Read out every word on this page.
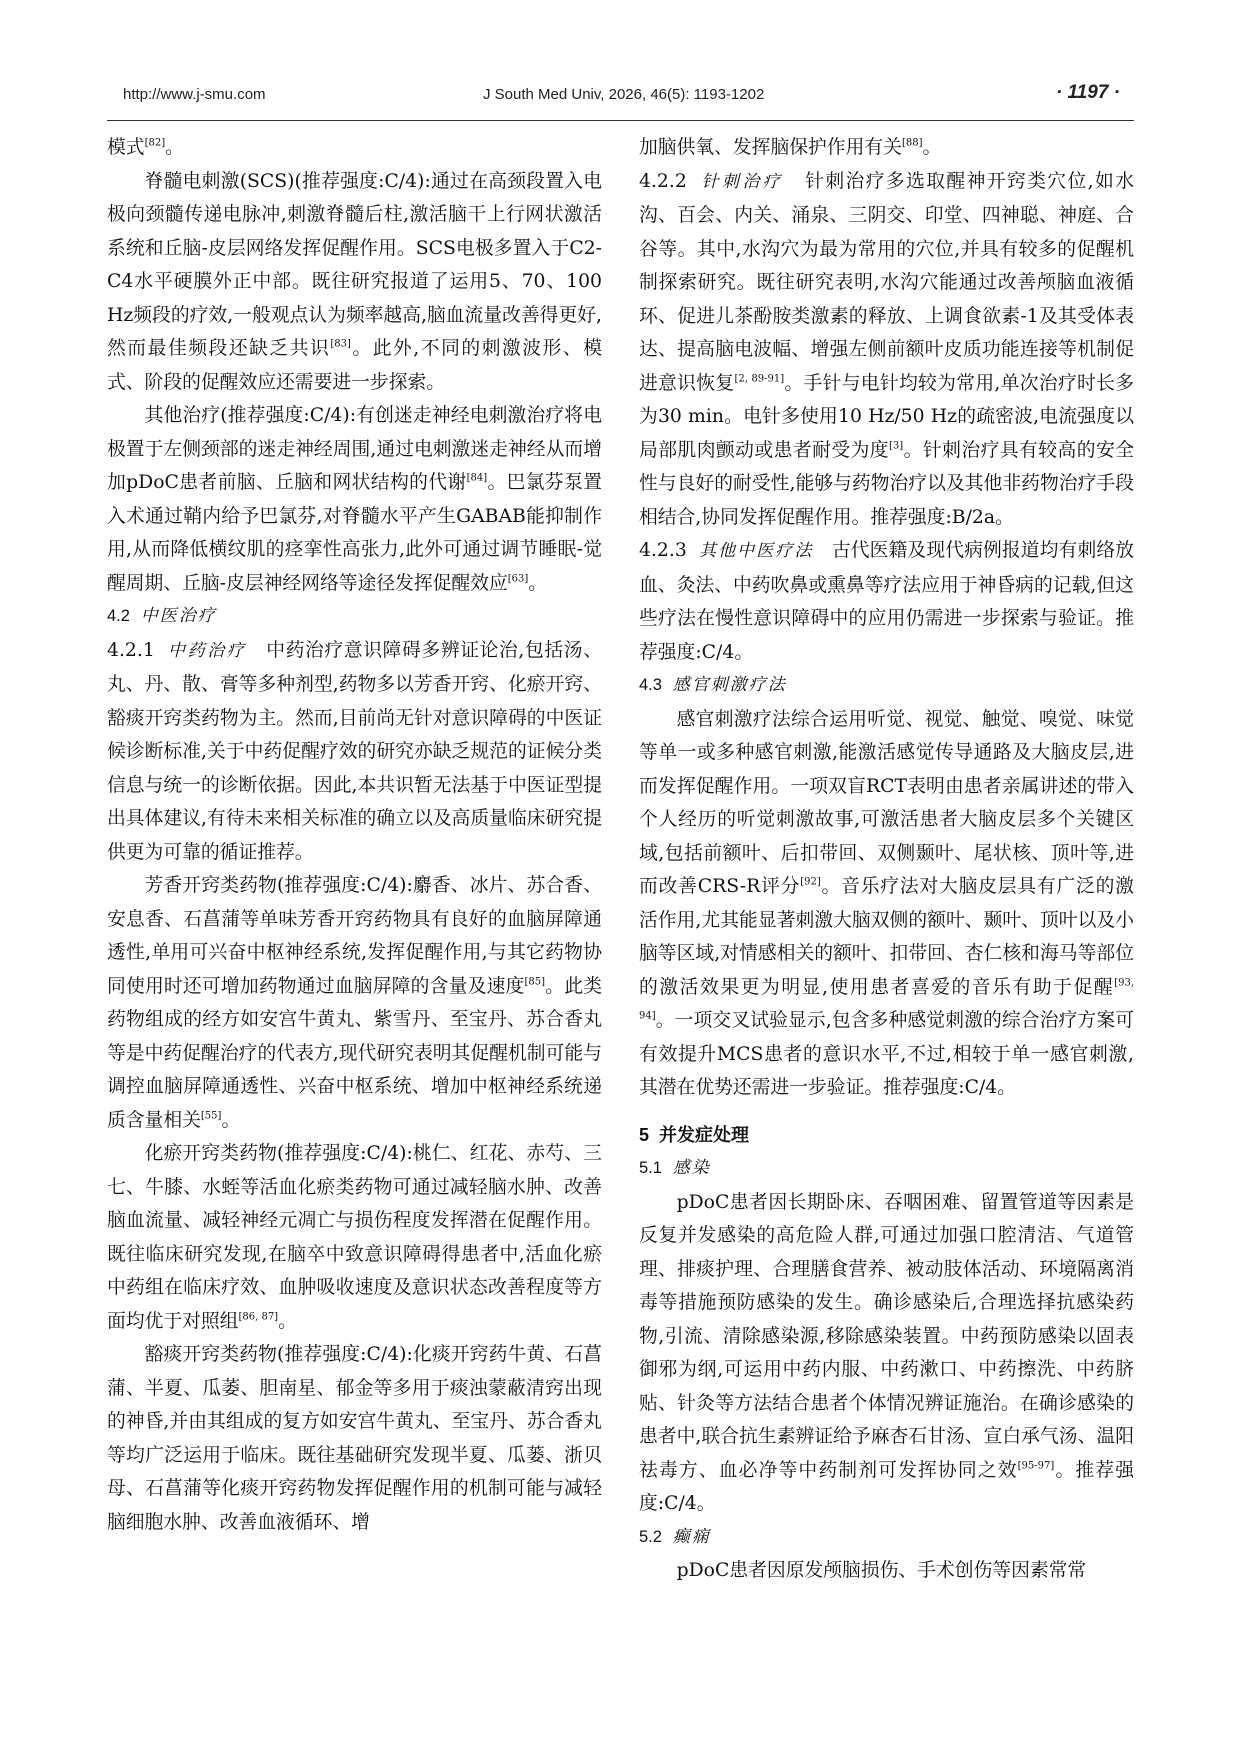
http://www.j-smu.com	J South Med Univ, 2026, 46(5): 1193-1202	· 1197 ·

模式[82]。

脊髓电刺激(SCS)(推荐强度:C/4):通过在高颈段置入电极向颈髓传递电脉冲,刺激脊髓后柱,激活脑干上行网状激活系统和丘脑-皮层网络发挥促醒作用。SCS电极多置入于C2-C4水平硬膜外正中部。既往研究报道了运用5、70、100 Hz频段的疗效,一般观点认为频率越高,脑血流量改善得更好,然而最佳频段还缺乏共识[83]。此外,不同的刺激波形、模式、阶段的促醒效应还需要进一步探索。

其他治疗(推荐强度:C/4):有创迷走神经电刺激治疗将电极置于左侧颈部的迷走神经周围,通过电刺激迷走神经从而增加pDoC患者前脑、丘脑和网状结构的代谢[84]。巴氯芬泵置入术通过鞘内给予巴氯芬,对脊髓水平产生GABAB能抑制作用,从而降低横纹肌的痉挛性高张力,此外可通过调节睡眠-觉醒周期、丘脑-皮层神经网络等途径发挥促醒效应[63]。

4.2 中医治疗

4.2.1 中药治疗 中药治疗意识障碍多辨证论治,包括汤、丸、丹、散、膏等多种剂型,药物多以芳香开窍、化瘀开窍、豁痰开窍类药物为主。然而,目前尚无针对意识障碍的中医证候诊断标准,关于中药促醒疗效的研究亦缺乏规范的证候分类信息与统一的诊断依据。因此,本共识暂无法基于中医证型提出具体建议,有待未来相关标准的确立以及高质量临床研究提供更为可靠的循证推荐。

芳香开窍类药物(推荐强度:C/4):麝香、冰片、苏合香、安息香、石菖蒲等单味芳香开窍药物具有良好的血脑屏障通透性,单用可兴奋中枢神经系统,发挥促醒作用,与其它药物协同使用时还可增加药物通过血脑屏障的含量及速度[85]。此类药物组成的经方如安宫牛黄丸、紫雪丹、至宝丹、苏合香丸等是中药促醒治疗的代表方,现代研究表明其促醒机制可能与调控血脑屏障通透性、兴奋中枢系统、增加中枢神经系统递质含量相关[55]。

化瘀开窍类药物(推荐强度:C/4):桃仁、红花、赤芍、三七、牛膝、水蛭等活血化瘀类药物可通过减轻脑水肿、改善脑血流量、减轻神经元凋亡与损伤程度发挥潜在促醒作用。既往临床研究发现,在脑卒中致意识障碍得患者中,活血化瘀中药组在临床疗效、血肿吸收速度及意识状态改善程度等方面均优于对照组[86, 87]。

豁痰开窍类药物(推荐强度:C/4):化痰开窍药牛黄、石菖蒲、半夏、瓜萎、胆南星、郁金等多用于痰浊蒙蔽清窍出现的神昏,并由其组成的复方如安宫牛黄丸、至宝丹、苏合香丸等均广泛运用于临床。既往基础研究发现半夏、瓜蒌、浙贝母、石菖蒲等化痰开窍药物发挥促醒作用的机制可能与减轻脑细胞水肿、改善血液循环、增

加脑供氧、发挥脑保护作用有关[88]。

4.2.2 针刺治疗 针刺治疗多选取醒神开窍类穴位,如水沟、百会、内关、涌泉、三阴交、印堂、四神聪、神庭、合谷等。其中,水沟穴为最为常用的穴位,并具有较多的促醒机制探索研究。既往研究表明,水沟穴能通过改善颅脑血液循环、促进儿茶酚胺类激素的释放、上调食欲素-1及其受体表达、提高脑电波幅、增强左侧前额叶皮质功能连接等机制促进意识恢复[2, 89-91]。手针与电针均较为常用,单次治疗时长多为30 min。电针多使用10 Hz/50 Hz的疏密波,电流强度以局部肌肉颤动或患者耐受为度[3]。针刺治疗具有较高的安全性与良好的耐受性,能够与药物治疗以及其他非药物治疗手段相结合,协同发挥促醒作用。推荐强度:B/2a。

4.2.3 其他中医疗法 古代医籍及现代病例报道均有刺络放血、灸法、中药吹鼻或熏鼻等疗法应用于神昏病的记载,但这些疗法在慢性意识障碍中的应用仍需进一步探索与验证。推荐强度:C/4。

4.3 感官刺激疗法

感官刺激疗法综合运用听觉、视觉、触觉、嗅觉、味觉等单一或多种感官刺激,能激活感觉传导通路及大脑皮层,进而发挥促醒作用。一项双盲RCT表明由患者亲属讲述的带入个人经历的听觉刺激故事,可激活患者大脑皮层多个关键区域,包括前额叶、后扣带回、双侧颞叶、尾状核、顶叶等,进而改善CRS-R评分[92]。音乐疗法对大脑皮层具有广泛的激活作用,尤其能显著刺激大脑双侧的额叶、颞叶、顶叶以及小脑等区域,对情感相关的额叶、扣带回、杏仁核和海马等部位的激活效果更为明显,使用患者喜爱的音乐有助于促醒[93, 94]。一项交叉试验显示,包含多种感觉刺激的综合治疗方案可有效提升MCS患者的意识水平,不过,相较于单一感官刺激,其潜在优势还需进一步验证。推荐强度:C/4。

5 并发症处理

5.1 感染

pDoC患者因长期卧床、吞咽困难、留置管道等因素是反复并发感染的高危险人群,可通过加强口腔清洁、气道管理、排痰护理、合理膳食营养、被动肢体活动、环境隔离消毒等措施预防感染的发生。确诊感染后,合理选择抗感染药物,引流、清除感染源,移除感染装置。中药预防感染以固表御邪为纲,可运用中药内服、中药漱口、中药擦洗、中药脐贴、针灸等方法结合患者个体情况辨证施治。在确诊感染的患者中,联合抗生素辨证给予麻杏石甘汤、宣白承气汤、温阳祛毒方、血必净等中药制剂可发挥协同之效[95-97]。推荐强度:C/4。

5.2 癫痫

pDoC患者因原发颅脑损伤、手术创伤等因素常常
